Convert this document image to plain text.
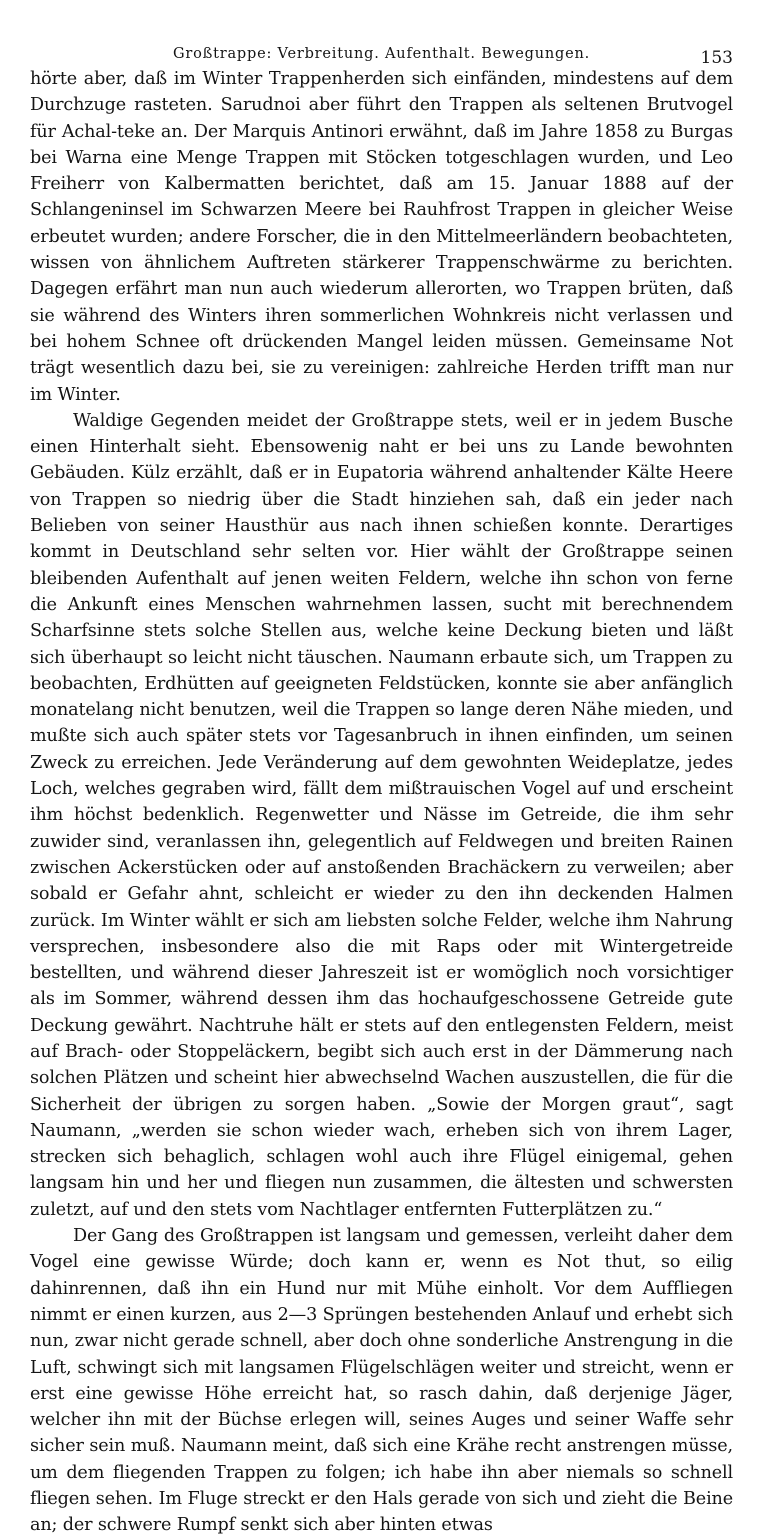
Großtrappe: Verbreitung. Aufenthalt. Bewegungen.	153

hörte aber, daß im Winter Trappenherden sich einfänden, mindestens auf dem Durchzuge rasteten. Sarudnoi aber führt den Trappen als seltenen Brutvogel für Achal-teke an. Der Marquis Antinori erwähnt, daß im Jahre 1858 zu Burgas bei Warna eine Menge Trappen mit Stöcken totgeschlagen wurden, und Leo Freiherr von Kalbermatten berichtet, daß am 15. Januar 1888 auf der Schlangeninsel im Schwarzen Meere bei Rauhfrost Trappen in gleicher Weise erbeutet wurden; andere Forscher, die in den Mittelmeerländern beobachteten, wissen von ähnlichem Auftreten stärkerer Trappenschwärme zu berichten. Dagegen erfährt man nun auch wiederum allerorten, wo Trappen brüten, daß sie während des Winters ihren sommerlichen Wohnkreis nicht verlassen und bei hohem Schnee oft drückenden Mangel leiden müssen. Gemeinsame Not trägt wesentlich dazu bei, sie zu vereinigen: zahlreiche Herden trifft man nur im Winter.

Waldige Gegenden meidet der Großtrappe stets, weil er in jedem Busche einen Hinterhalt sieht. Ebensowenig naht er bei uns zu Lande bewohnten Gebäuden. Külz erzählt, daß er in Eupatoria während anhaltender Kälte Heere von Trappen so niedrig über die Stadt hinziehen sah, daß ein jeder nach Belieben von seiner Hausthür aus nach ihnen schießen konnte. Derartiges kommt in Deutschland sehr selten vor. Hier wählt der Großtrappe seinen bleibenden Aufenthalt auf jenen weiten Feldern, welche ihn schon von ferne die Ankunft eines Menschen wahrnehmen lassen, sucht mit berechnendem Scharfsinne stets solche Stellen aus, welche keine Deckung bieten und läßt sich überhaupt so leicht nicht täuschen. Naumann erbaute sich, um Trappen zu beobachten, Erdhütten auf geeigneten Feldstücken, konnte sie aber anfänglich monatelang nicht benutzen, weil die Trappen so lange deren Nähe mieden, und mußte sich auch später stets vor Tagesanbruch in ihnen einfinden, um seinen Zweck zu erreichen. Jede Veränderung auf dem gewohnten Weideplatze, jedes Loch, welches gegraben wird, fällt dem mißtrauischen Vogel auf und erscheint ihm höchst bedenklich. Regenwetter und Nässe im Getreide, die ihm sehr zuwider sind, veranlassen ihn, gelegentlich auf Feldwegen und breiten Rainen zwischen Ackerstücken oder auf anstoßenden Brachäckern zu verweilen; aber sobald er Gefahr ahnt, schleicht er wieder zu den ihn deckenden Halmen zurück. Im Winter wählt er sich am liebsten solche Felder, welche ihm Nahrung versprechen, insbesondere also die mit Raps oder mit Wintergetreide bestellten, und während dieser Jahreszeit ist er womöglich noch vorsichtiger als im Sommer, während dessen ihm das hochaufgeschossene Getreide gute Deckung gewährt. Nachtruhe hält er stets auf den entlegensten Feldern, meist auf Brach- oder Stoppeläckern, begibt sich auch erst in der Dämmerung nach solchen Plätzen und scheint hier abwechselnd Wachen auszustellen, die für die Sicherheit der übrigen zu sorgen haben. „Sowie der Morgen graut“, sagt Naumann, „werden sie schon wieder wach, erheben sich von ihrem Lager, strecken sich behaglich, schlagen wohl auch ihre Flügel einigemal, gehen langsam hin und her und fliegen nun zusammen, die ältesten und schwersten zuletzt, auf und den stets vom Nachtlager entfernten Futterplätzen zu.“

Der Gang des Großtrappen ist langsam und gemessen, verleiht daher dem Vogel eine gewisse Würde; doch kann er, wenn es Not thut, so eilig dahinrennen, daß ihn ein Hund nur mit Mühe einholt. Vor dem Auffliegen nimmt er einen kurzen, aus 2—3 Sprüngen bestehenden Anlauf und erhebt sich nun, zwar nicht gerade schnell, aber doch ohne sonderliche Anstrengung in die Luft, schwingt sich mit langsamen Flügelschlägen weiter und streicht, wenn er erst eine gewisse Höhe erreicht hat, so rasch dahin, daß derjenige Jäger, welcher ihn mit der Büchse erlegen will, seines Auges und seiner Waffe sehr sicher sein muß. Naumann meint, daß sich eine Krähe recht anstrengen müsse, um dem fliegenden Trappen zu folgen; ich habe ihn aber niemals so schnell fliegen sehen. Im Fluge streckt er den Hals gerade von sich und zieht die Beine an; der schwere Rumpf senkt sich aber hinten etwas
